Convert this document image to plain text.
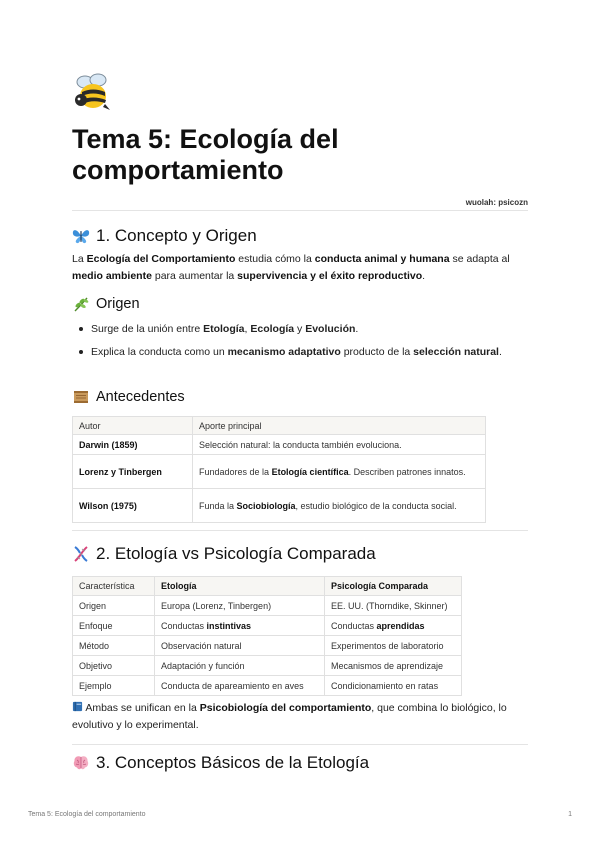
Tema 5: Ecología del
comportamiento
wuolah: psicozn
1. Concepto y Origen
La Ecología del Comportamiento estudia cómo la conducta animal y humana se adapta al medio ambiente para aumentar la supervivencia y el éxito reproductivo.
Origen
Surge de la unión entre Etología, Ecología y Evolución.
Explica la conducta como un mecanismo adaptativo producto de la selección natural.
Antecedentes
Autor	Aporte principal
Darwin (1859)	Selección natural: la conducta también evoluciona.
Lorenz y Tinbergen	Fundadores de la Etología científica. Describen patrones innatos.
Wilson (1975)	Funda la Sociobiología, estudio biológico de la conducta social.
2. Etología vs Psicología Comparada
Característica	Etología	Psicología Comparada
Origen	Europa (Lorenz, Tinbergen)	EE. UU. (Thorndike, Skinner)
Enfoque	Conductas instintivas	Conductas aprendidas
Método	Observación natural	Experimentos de laboratorio
Objetivo	Adaptación y función	Mecanismos de aprendizaje
Ejemplo	Conducta de apareamiento en aves	Condicionamiento en ratas
Ambas se unifican en la Psicobiología del comportamiento, que combina lo biológico, lo evolutivo y lo experimental.
3. Conceptos Básicos de la Etología
Tema 5: Ecología del comportamiento	1
